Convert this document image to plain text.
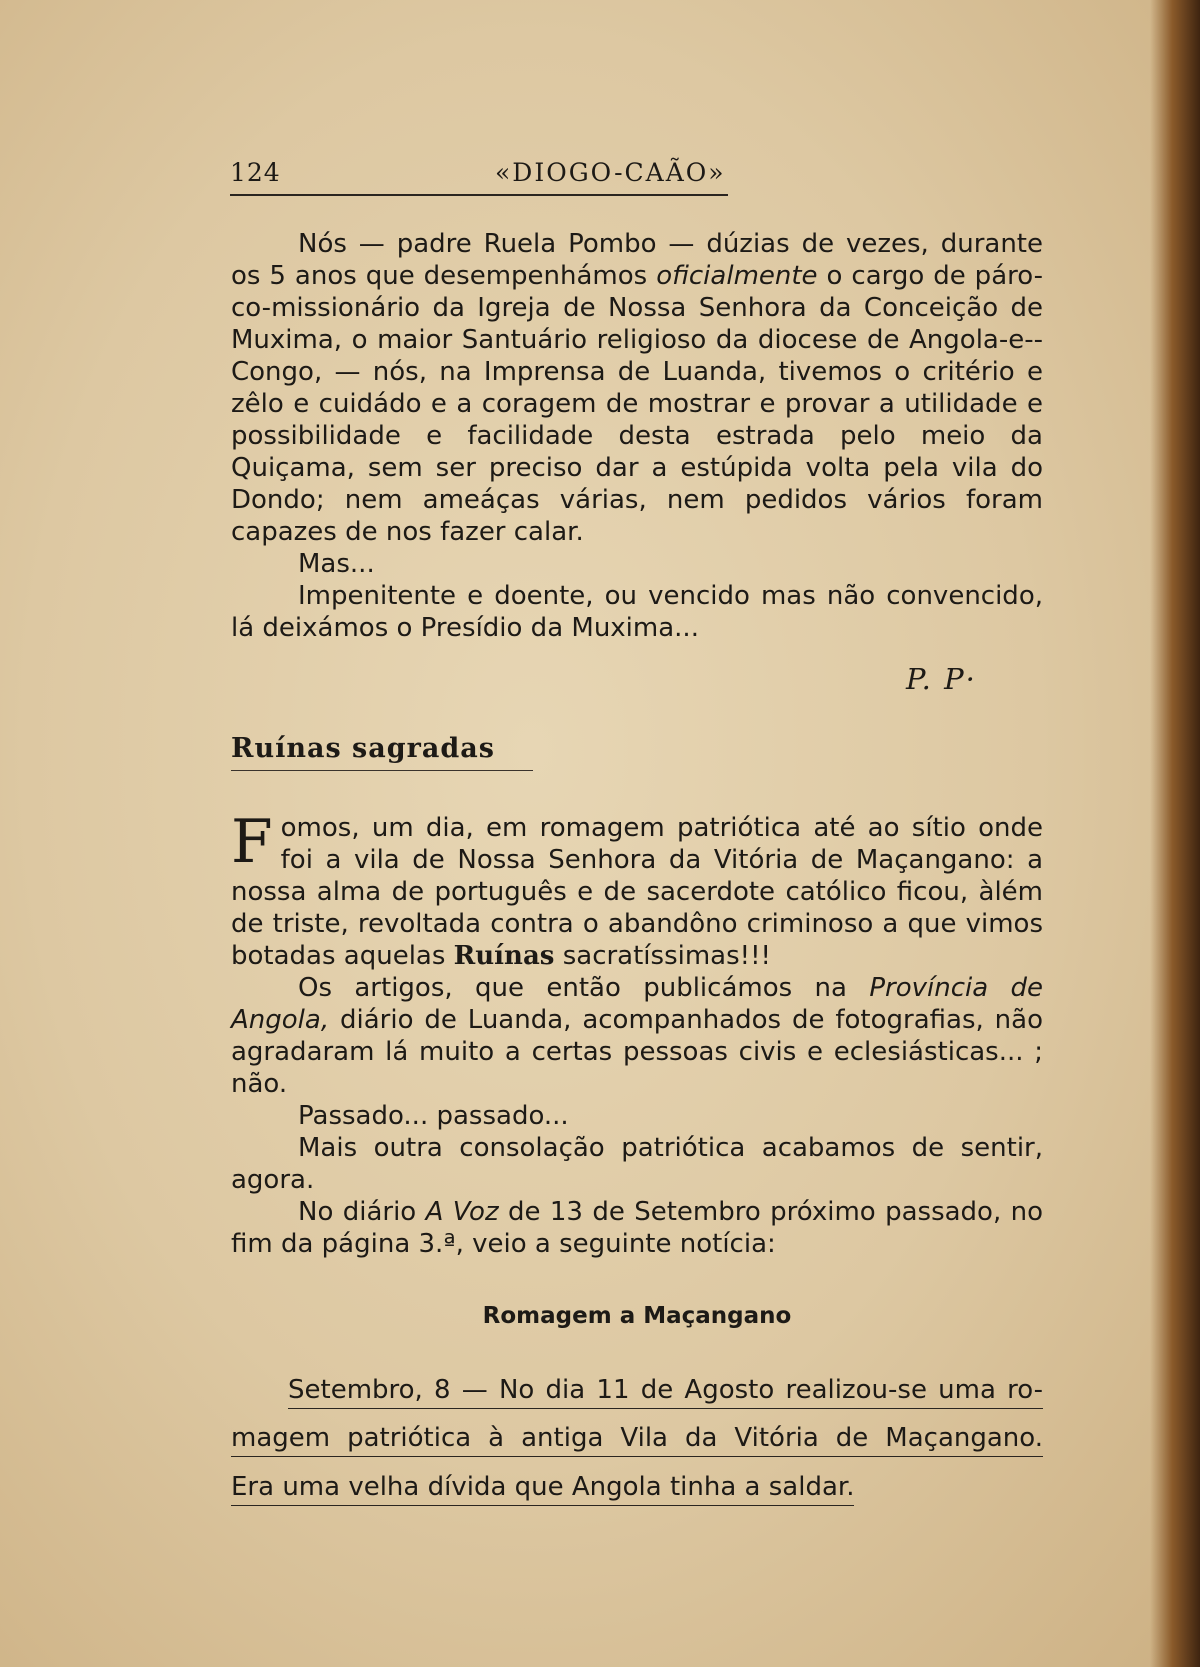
124	«DIOGO-CAÃO»

Nós — padre Ruela Pombo — dúzias de vezes, durante os 5 anos que desempenhámos oficialmente o cargo de páro-co-missionário da Igreja de Nossa Senhora da Conceição de Muxima, o maior Santuário religioso da diocese de Angola-e--Congo, — nós, na Imprensa de Luanda, tivemos o critério e zêlo e cuidádo e a coragem de mostrar e provar a utilidade e possibilidade e facilidade desta estrada pelo meio da Quiçama, sem ser preciso dar a estúpida volta pela vila do Dondo; nem ameáças várias, nem pedidos vários foram capazes de nos fazer calar.

Mas...

Impenitente e doente, ou vencido mas não convencido, lá deixámos o Presídio da Muxima...

P. P·
Ruínas sagradas

Fomos, um dia, em romagem patriótica até ao sítio onde foi a vila de Nossa Senhora da Vitória de Maçangano: a nossa alma de português e de sacerdote católico ficou, àlém de triste, revoltada contra o abandôno criminoso a que vimos botadas aquelas Ruínas sacratíssimas!!!

Os artigos, que então publicámos na Província de Angola, diário de Luanda, acompanhados de fotografias, não agradaram lá muito a certas pessoas civis e eclesiásticas... ; não.

Passado... passado...

Mais outra consolação patriótica acabamos de sentir, agora.

No diário A Voz de 13 de Setembro próximo passado, no fim da página 3.ª, veio a seguinte notícia:

Romagem a Maçangano
Setembro, 8 — No dia 11 de Agosto realizou-se uma ro-
magem patriótica à antiga Vila da Vitória de Maçangano.
Era uma velha dívida que Angola tinha a saldar.
